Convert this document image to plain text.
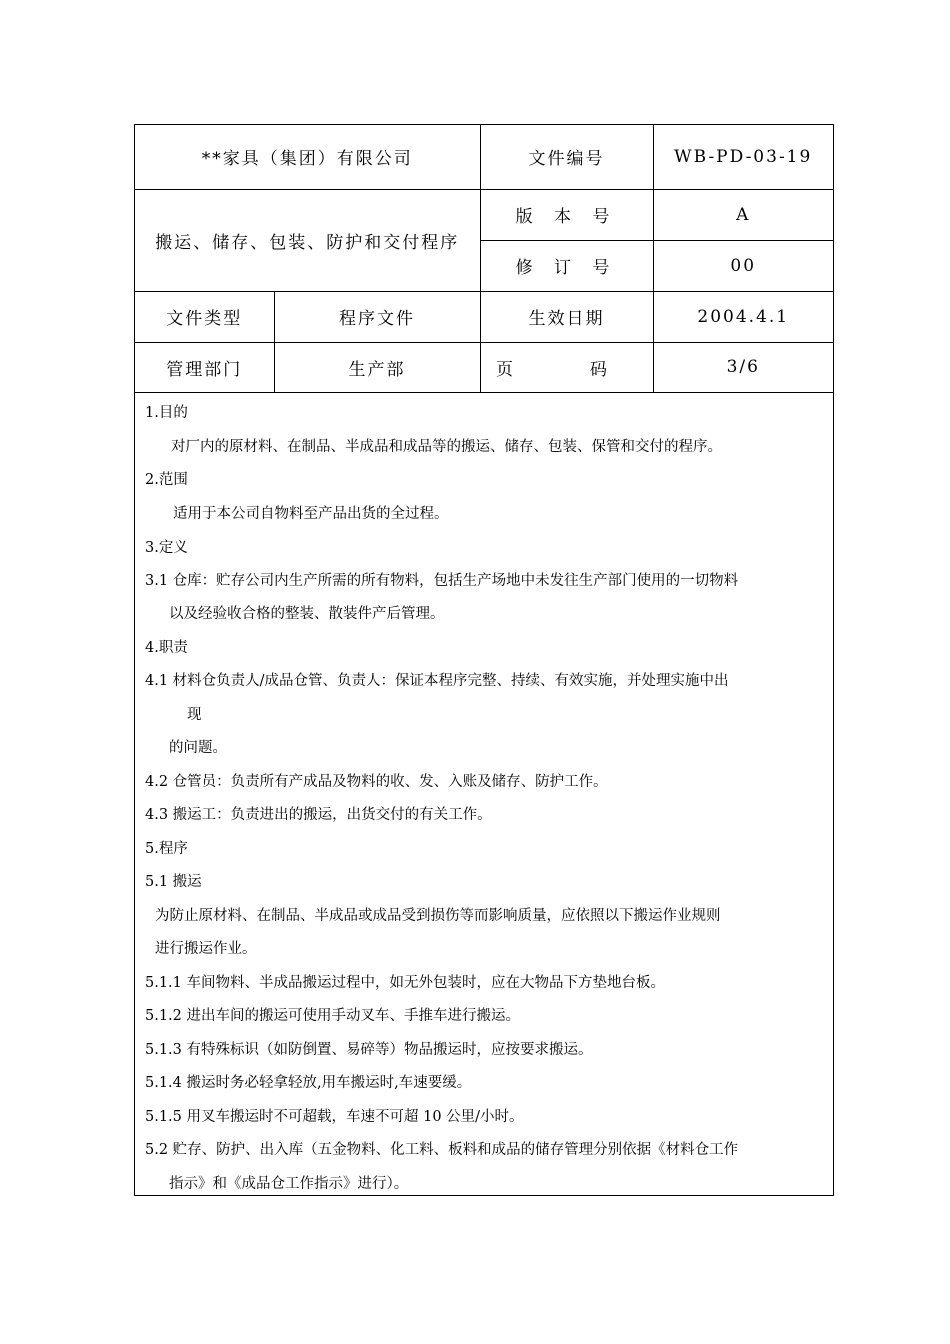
**家具（集团）有限公司		文件编号	WB-PD-03-19
搬运、储存、包装、防护和交付程序		版 本 号	A
		修 订 号	00
文件类型	程序文件	生效日期	2004.4.1
管理部门	生产部	页　码	3/6
1.目的
对厂内的原材料、在制品、半成品和成品等的搬运、储存、包装、保管和交付的程序。
2.范围
适用于本公司自物料至产品出货的全过程。
3.定义
3.1 仓库：贮存公司内生产所需的所有物料，包括生产场地中未发往生产部门使用的一切物料
以及经验收合格的整装、散装件产后管理。
4.职责
4.1 材料仓负责人/成品仓管、负责人：保证本程序完整、持续、有效实施，并处理实施中出
现
的问题。
4.2 仓管员：负责所有产成品及物料的收、发、入账及储存、防护工作。
4.3 搬运工：负责进出的搬运，出货交付的有关工作。
5.程序
5.1 搬运
为防止原材料、在制品、半成品或成品受到损伤等而影响质量，应依照以下搬运作业规则
进行搬运作业。
5.1.1 车间物料、半成品搬运过程中，如无外包装时，应在大物品下方垫地台板。
5.1.2 进出车间的搬运可使用手动叉车、手推车进行搬运。
5.1.3 有特殊标识（如防倒置、易碎等）物品搬运时，应按要求搬运。
5.1.4 搬运时务必轻拿轻放,用车搬运时,车速要缓。
5.1.5 用叉车搬运时不可超载，车速不可超 10 公里/小时。
5.2 贮存、防护、出入库（五金物料、化工料、板料和成品的储存管理分别依据《材料仓工作
指示》和《成品仓工作指示》进行）。
